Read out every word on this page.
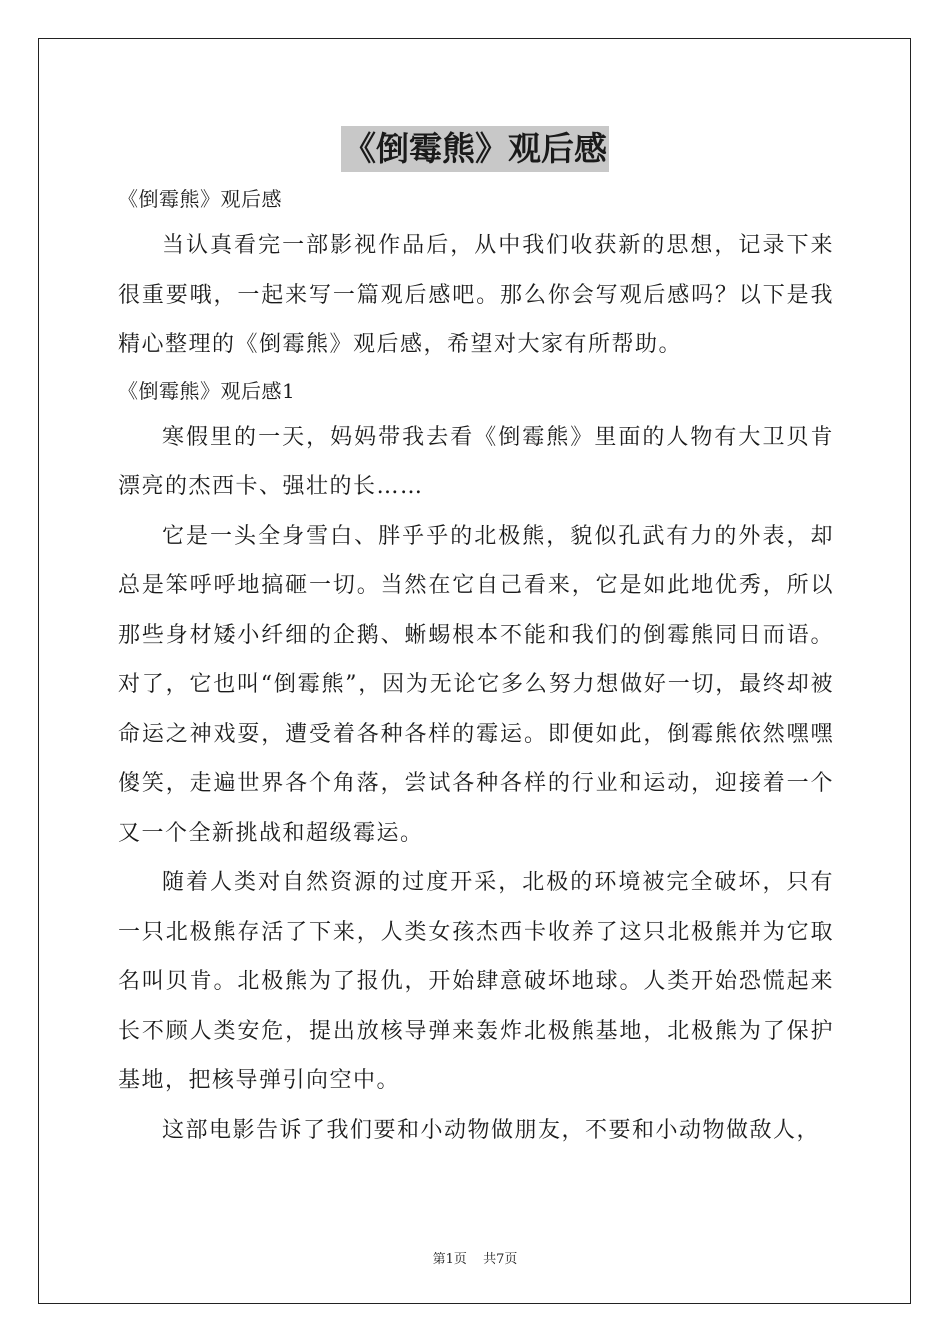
《倒霉熊》观后感

《倒霉熊》观后感

当认真看完一部影视作品后，从中我们收获新的思想，记录下来很重要哦，一起来写一篇观后感吧。那么你会写观后感吗？以下是我精心整理的《倒霉熊》观后感，希望对大家有所帮助。

《倒霉熊》观后感1

寒假里的一天，妈妈带我去看《倒霉熊》里面的人物有大卫贝肯漂亮的杰西卡、强壮的长……

它是一头全身雪白、胖乎乎的北极熊，貌似孔武有力的外表，却总是笨呼呼地搞砸一切。当然在它自己看来，它是如此地优秀，所以那些身材矮小纤细的企鹅、蜥蜴根本不能和我们的倒霉熊同日而语。对了，它也叫“倒霉熊”，因为无论它多么努力想做好一切，最终却被命运之神戏耍，遭受着各种各样的霉运。即便如此，倒霉熊依然嘿嘿傻笑，走遍世界各个角落，尝试各种各样的行业和运动，迎接着一个又一个全新挑战和超级霉运。

随着人类对自然资源的过度开采，北极的环境被完全破坏，只有一只北极熊存活了下来，人类女孩杰西卡收养了这只北极熊并为它取名叫贝肯。北极熊为了报仇，开始肆意破坏地球。人类开始恐慌起来长不顾人类安危，提出放核导弹来轰炸北极熊基地，北极熊为了保护基地，把核导弹引向空中。

这部电影告诉了我们要和小动物做朋友，不要和小动物做敌人，

第1页 共7页
